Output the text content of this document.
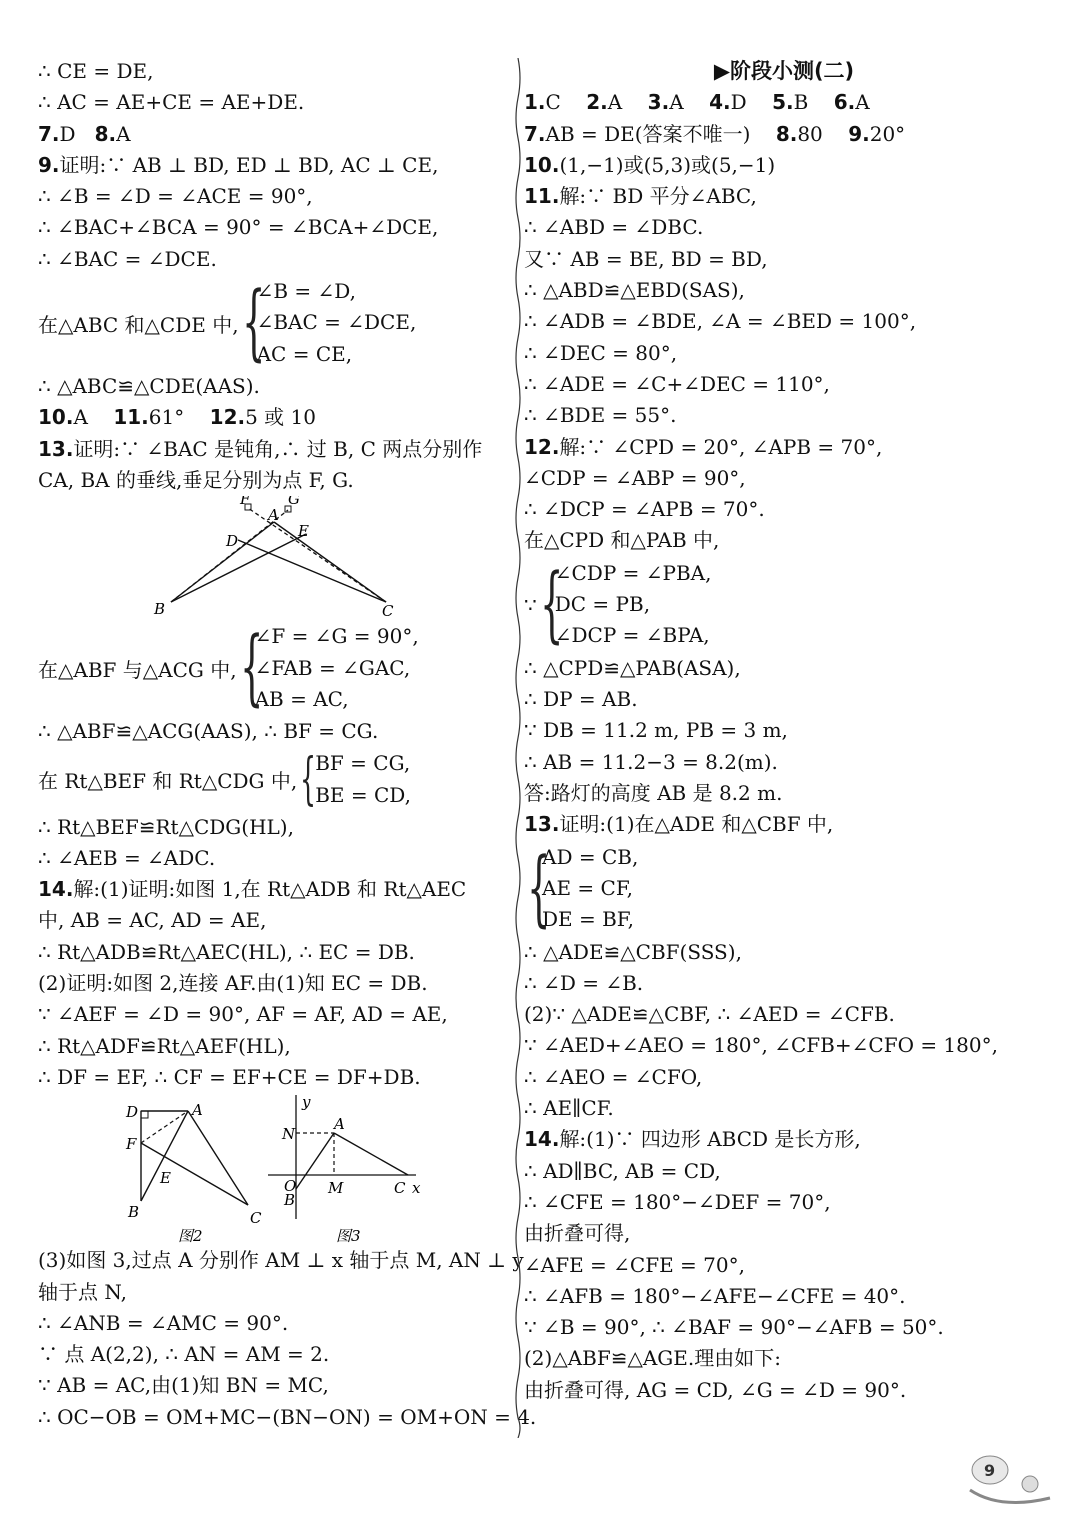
∴ CE = DE,
∴ AC = AE+CE = AE+DE.
7.D 8.A
9.证明:∵ AB ⊥ BD, ED ⊥ BD, AC ⊥ CE,
∴ ∠B = ∠D = ∠ACE = 90°,
∴ ∠BAC+∠BCA = 90° = ∠BCA+∠DCE,
∴ ∠BAC = ∠DCE.
在△ABC 和△CDE 中, {
∠B = ∠D,
∠BAC = ∠DCE,
AC = CE,
∴ △ABC≌△CDE(AAS).
10.A 11.61° 12.5 或 10
13.证明:∵ ∠BAC 是钝角,∴ 过 B, C 两点分别作
CA, BA 的垂线,垂足分别为点 F, G.
F	G
A
D
E
B	C
在△ABF 与△ACG 中, {
∠F = ∠G = 90°,
∠FAB = ∠GAC,
AB = AC,
∴ △ABF≌△ACG(AAS), ∴ BF = CG.
在 Rt△BEF 和 Rt△CDG 中, { BF = CG,
BE = CD,
∴ Rt△BEF≌Rt△CDG(HL),
∴ ∠AEB = ∠ADC.
14.解:(1)证明:如图 1,在 Rt△ADB 和 Rt△AEC
中, AB = AC, AD = AE,
∴ Rt△ADB≌Rt△AEC(HL), ∴ EC = DB.
(2)证明:如图 2,连接 AF.由(1)知 EC = DB.
∵ ∠AEF = ∠D = 90°, AF = AF, AD = AE,
∴ Rt△ADF≌Rt△AEF(HL),
∴ DF = EF, ∴ CF = EF+CE = DF+DB.
D	A
F
E
B	C
图2
y
N
A
O
B
M	C x
图3
(3)如图 3,过点 A 分别作 AM ⊥ x 轴于点 M, AN ⊥ y
轴于点 N,
∴ ∠ANB = ∠AMC = 90°.
∵ 点 A(2,2), ∴ AN = AM = 2.
∵ AB = AC,由(1)知 BN = MC,
∴ OC−OB = OM+MC−(BN−ON) = OM+ON = 4.
▶阶段小测(二)
1.C 2.A 3.A 4.D 5.B 6.A
7.AB = DE(答案不唯一) 8.80 9.20°
10.(1,−1)或(5,3)或(5,−1)
11.解:∵ BD 平分∠ABC,
∴ ∠ABD = ∠DBC.
又∵ AB = BE, BD = BD,
∴ △ABD≌△EBD(SAS),
∴ ∠ADB = ∠BDE, ∠A = ∠BED = 100°,
∴ ∠DEC = 80°,
∴ ∠ADE = ∠C+∠DEC = 110°,
∴ ∠BDE = 55°.
12.解:∵ ∠CPD = 20°, ∠APB = 70°,
∠CDP = ∠ABP = 90°,
∴ ∠DCP = ∠APB = 70°.
在△CPD 和△PAB 中,
∵ {
∠CDP = ∠PBA,
DC = PB,
∠DCP = ∠BPA,
∴ △CPD≌△PAB(ASA),
∴ DP = AB.
∵ DB = 11.2 m, PB = 3 m,
∴ AB = 11.2−3 = 8.2(m).
答:路灯的高度 AB 是 8.2 m.
13.证明:(1)在△ADE 和△CBF 中,
{
AD = CB,
AE = CF,
DE = BF,
∴ △ADE≌△CBF(SSS),
∴ ∠D = ∠B.
(2)∵ △ADE≌△CBF, ∴ ∠AED = ∠CFB.
∵ ∠AED+∠AEO = 180°, ∠CFB+∠CFO = 180°,
∴ ∠AEO = ∠CFO,
∴ AE∥CF.
14.解:(1)∵ 四边形 ABCD 是长方形,
∴ AD∥BC, AB = CD,
∴ ∠CFE = 180°−∠DEF = 70°,
由折叠可得,
∠AFE = ∠CFE = 70°,
∴ ∠AFB = 180°−∠AFE−∠CFE = 40°.
∵ ∠B = 90°, ∴ ∠BAF = 90°−∠AFB = 50°.
(2)△ABF≌△AGE.理由如下:
由折叠可得, AG = CD, ∠G = ∠D = 90°.
9
